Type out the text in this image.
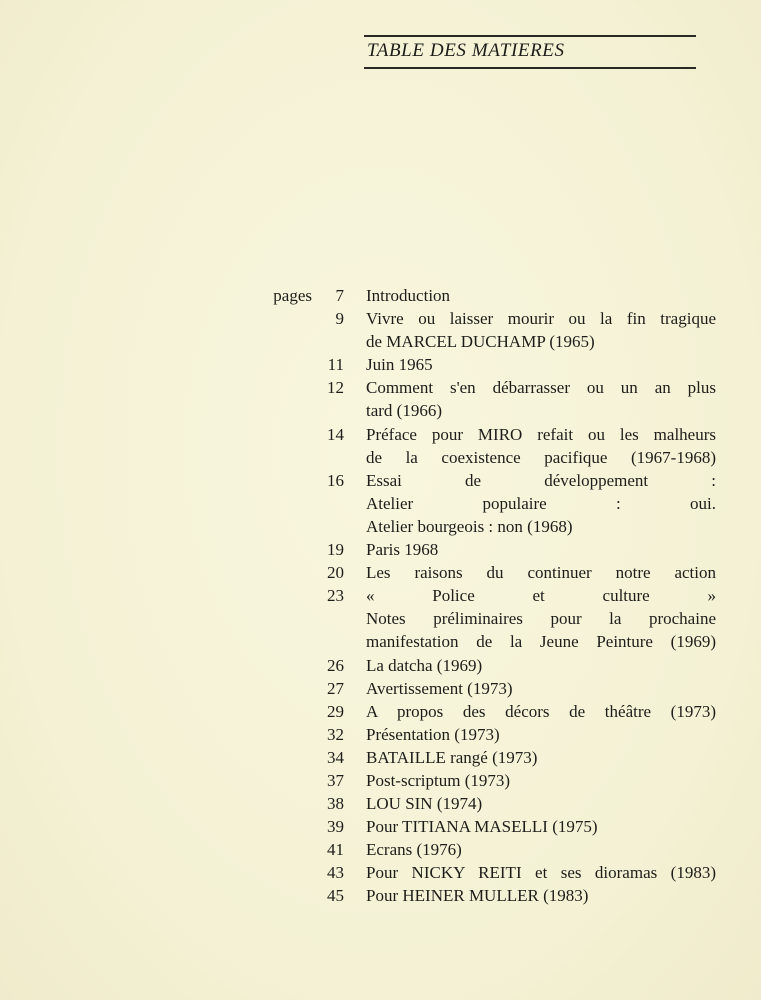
TABLE DES MATIERES
pages	7 Introduction
9 Vivre ou laisser mourir ou la fin tragique
de MARCEL DUCHAMP (1965)
11 Juin 1965
12 Comment s'en débarrasser ou un an plus
tard (1966)
14 Préface pour MIRO refait ou les malheurs
de la coexistence pacifique (1967-1968)
16 Essai de développement :
Atelier populaire : oui.
Atelier bourgeois : non (1968)
19 Paris 1968
20 Les raisons du continuer notre action
23 « Police et culture »
Notes préliminaires pour la prochaine
manifestation de la Jeune Peinture (1969)
26 La datcha (1969)
27 Avertissement (1973)
29 A propos des décors de théâtre (1973)
32 Présentation (1973)
34 BATAILLE rangé (1973)
37 Post-scriptum (1973)
38 LOU SIN (1974)
39 Pour TITIANA MASELLI (1975)
41 Ecrans (1976)
43 Pour NICKY REITI et ses dioramas (1983)
45 Pour HEINER MULLER (1983)
